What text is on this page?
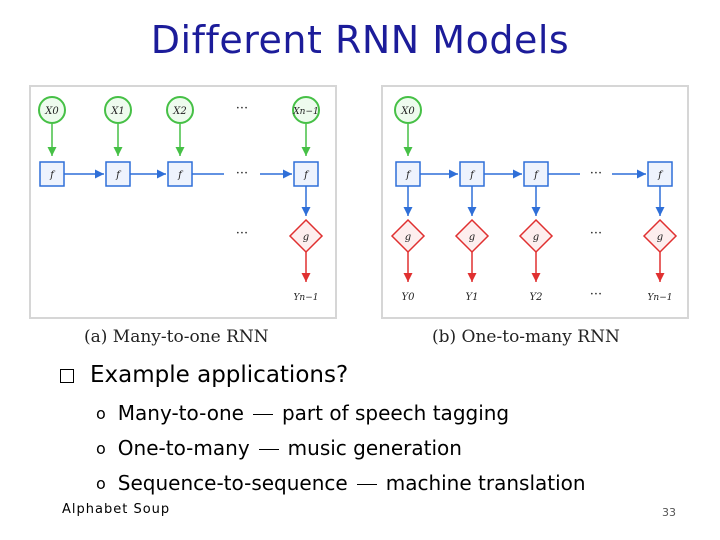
Different RNN Models
X0	X1	X2	Xn−1
···
f	f	f	f
···
···	g
Yn−1
X0
f	f	f	f
···
g	g	g	···	g
Y0	Y1	Y2	···	Yn−1
(a) Many-to-one RNN	(b) One-to-many RNN
Example applications?
o Many-to-one part of speech tagging
o One-to-many music generation
o Sequence-to-sequence machine translation
Alphabet Soup	33
